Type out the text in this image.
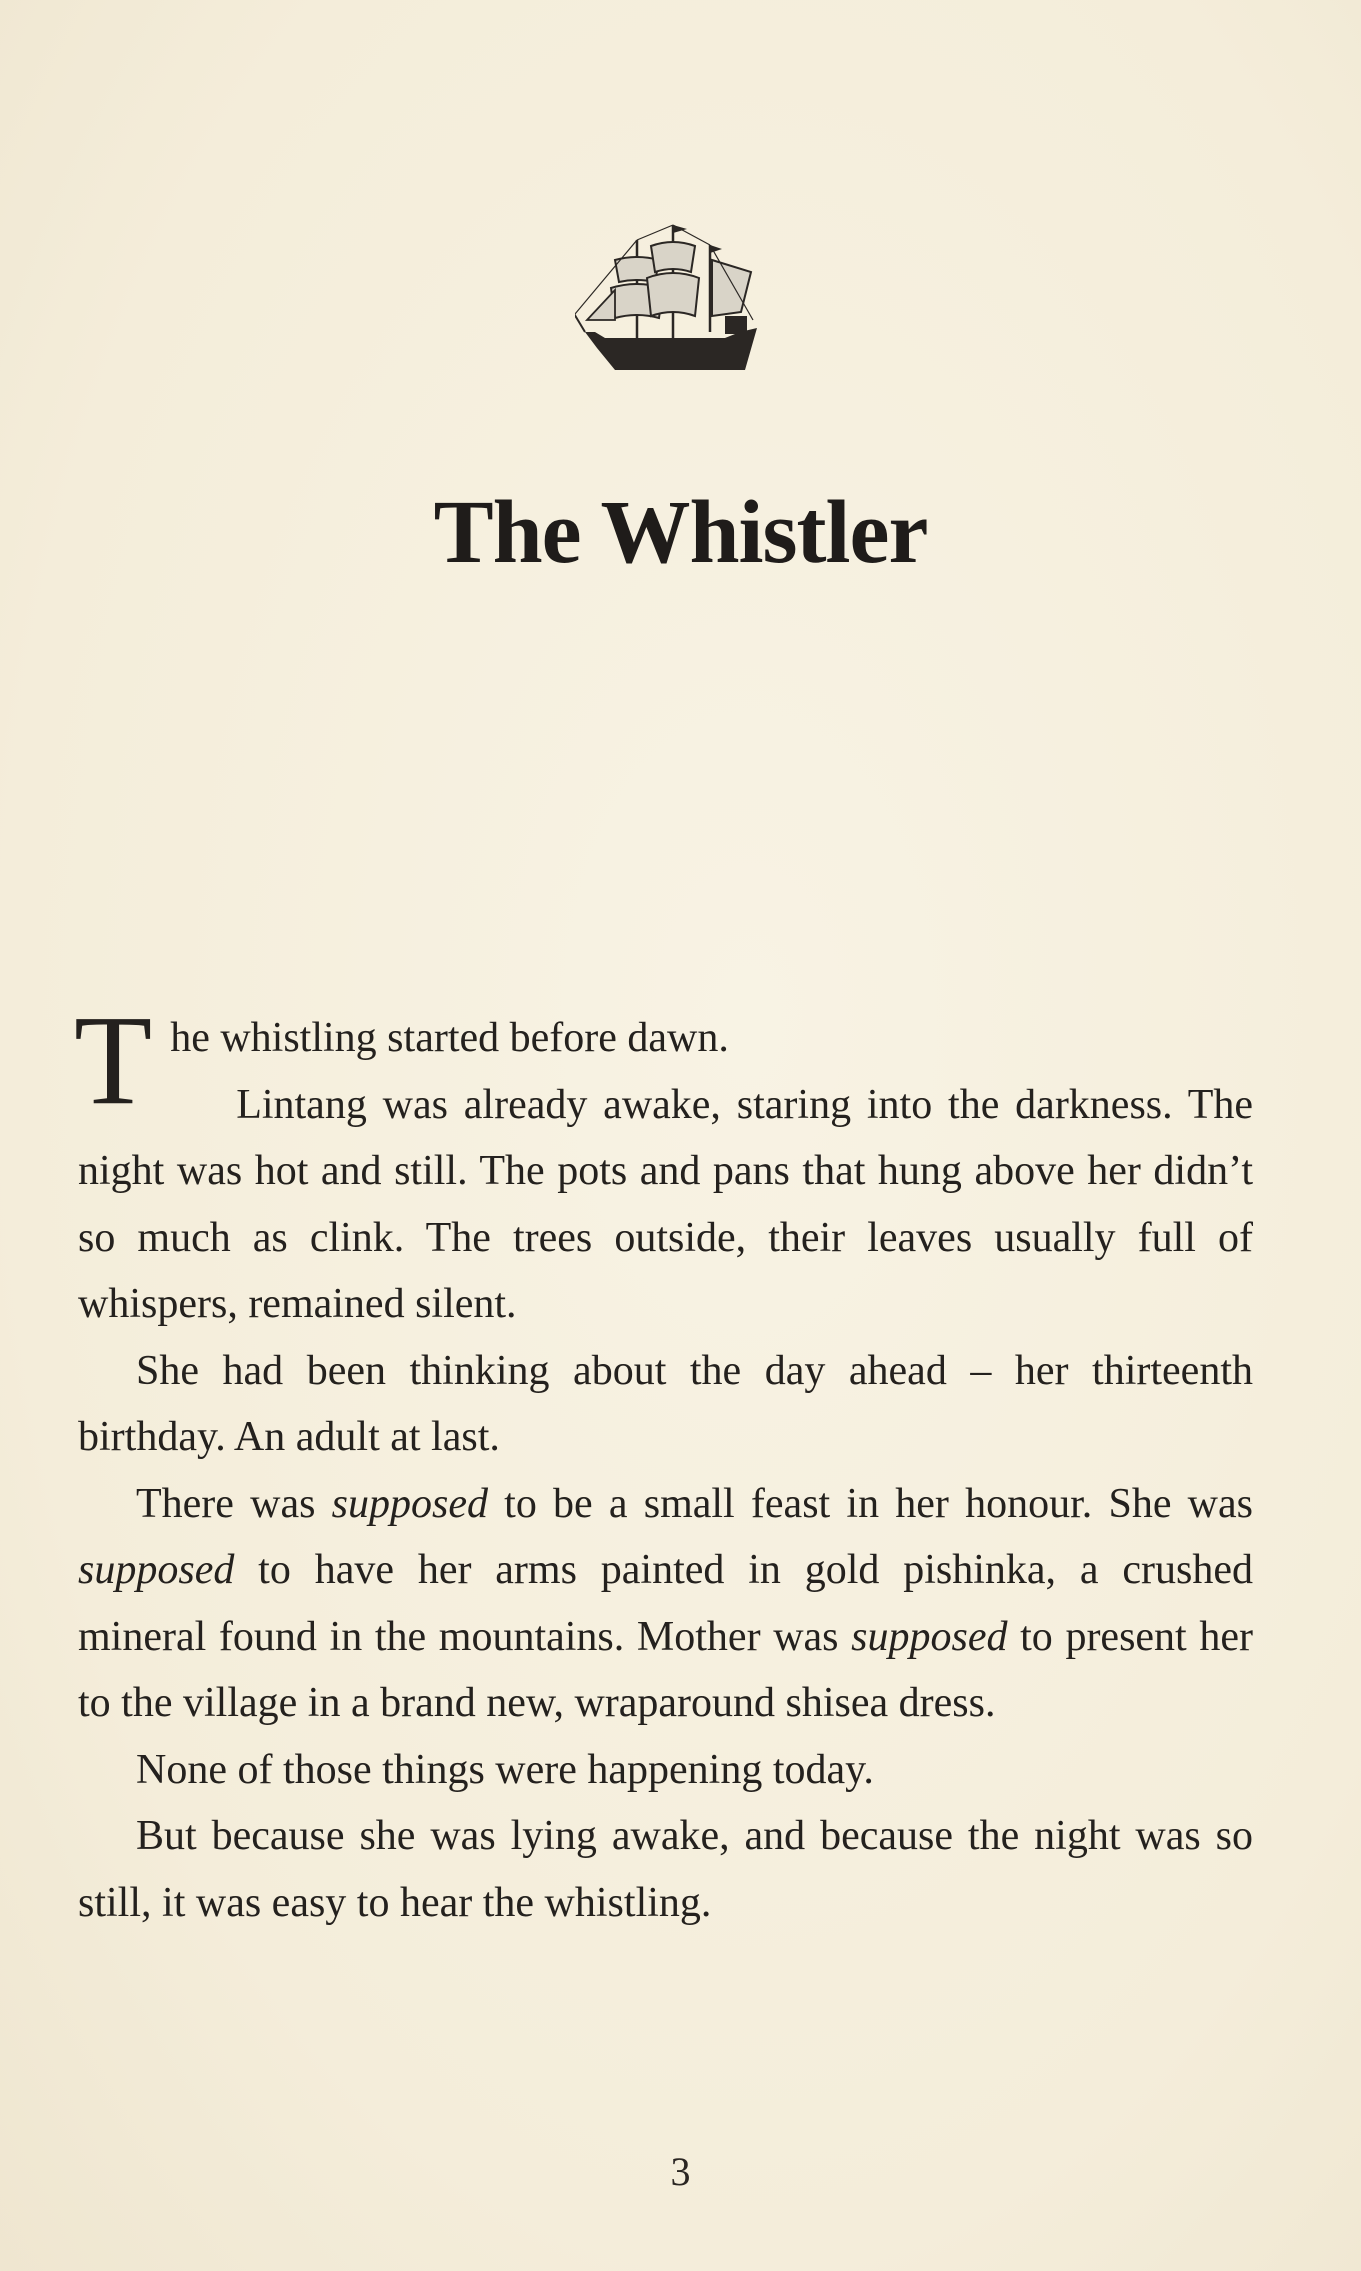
The Whistler

The whistling started before dawn.

Lintang was already awake, staring into the darkness. The night was hot and still. The pots and pans that hung above her didn’t so much as clink. The trees outside, their leaves usually full of whispers, remained silent.

She had been thinking about the day ahead – her thirteenth birthday. An adult at last.

There was supposed to be a small feast in her honour. She was supposed to have her arms painted in gold pishinka, a crushed mineral found in the mountains. Mother was supposed to present her to the village in a brand new, wraparound shisea dress.

None of those things were happening today.

But because she was lying awake, and because the night was so still, it was easy to hear the whistling.

3
